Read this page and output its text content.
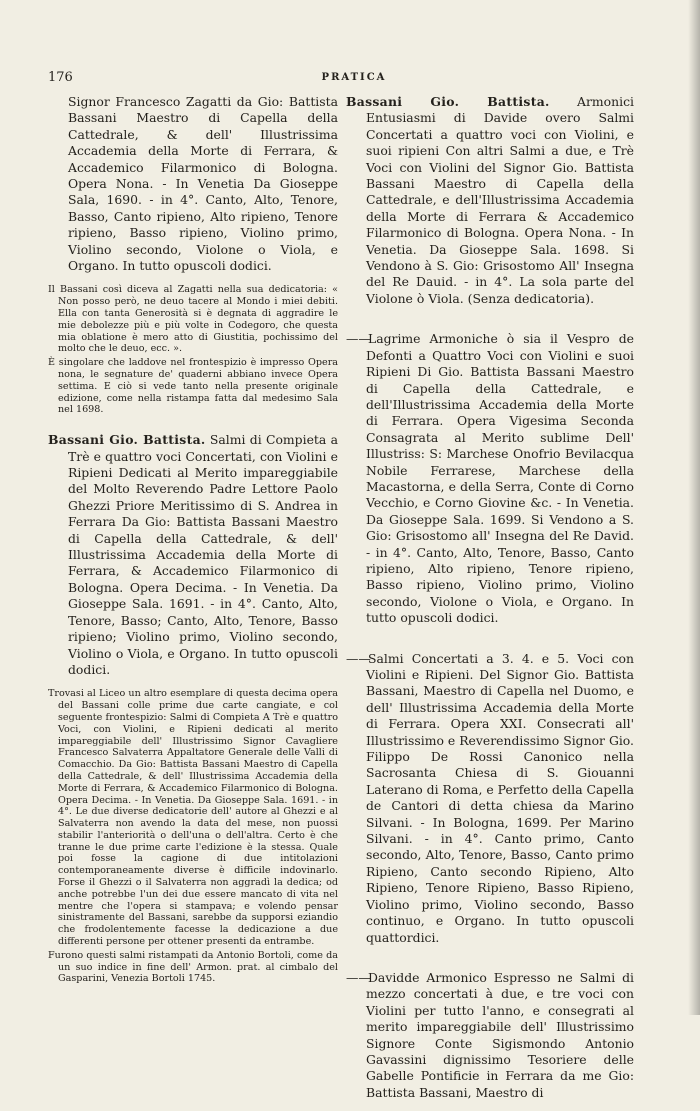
176	PRATICA

Signor Francesco Zagatti da Gio: Battista Bassani Maestro di Capella della Cattedrale, & dell' Illustrissima Accademia della Morte di Ferrara, & Accademico Filarmonico di Bologna. Opera Nona. - In Venetia Da Gioseppe Sala, 1690. - in 4°. Canto, Alto, Tenore, Basso, Canto ripieno, Alto ripieno, Tenore ripieno, Basso ripieno, Violino primo, Violino secondo, Violone o Viola, e Organo. In tutto opuscoli dodici.

Il Bassani così diceva al Zagatti nella sua dedicatoria: « Non posso però, ne deuo tacere al Mondo i miei debiti. Ella con tanta Generosità si è degnata di aggradire le mie debolezze più e più volte in Codegoro, che questa mia oblatione è mero atto di Giustitia, pochissimo del molto che le deuo, ecc. ».
È singolare che laddove nel frontespizio è impresso Opera nona, le segnature de' quaderni abbiano invece Opera settima. E ciò si vede tanto nella presente originale edizione, come nella ristampa fatta dal medesimo Sala nel 1698.

Bassani Gio. Battista. Salmi di Compieta a Trè e quattro voci Concertati, con Violini e Ripieni Dedicati al Merito impareggiabile del Molto Reverendo Padre Lettore Paolo Ghezzi Priore Meritissimo di S. Andrea in Ferrara Da Gio: Battista Bassani Maestro di Capella della Cattedrale, & dell' Illustrissima Accademia della Morte di Ferrara, & Accademico Filarmonico di Bologna. Opera Decima. - In Venetia. Da Gioseppe Sala. 1691. - in 4°. Canto, Alto, Tenore, Basso; Canto, Alto, Tenore, Basso ripieno; Violino primo, Violino secondo, Violino o Viola, e Organo. In tutto opuscoli dodici.

Trovasi al Liceo un altro esemplare di questa decima opera del Bassani colle prime due carte cangiate, e col seguente frontespizio: Salmi di Compieta A Trè e quattro Voci, con Violini, e Ripieni dedicati al merito impareggiabile dell' Illustrissimo Signor Cavagliere Francesco Salvaterra Appaltatore Generale delle Valli di Comacchio. Da Gio: Battista Bassani Maestro di Capella della Cattedrale, & dell' Illustrissima Accademia della Morte di Ferrara, & Accademico Filarmonico di Bologna. Opera Decima. - In Venetia. Da Gioseppe Sala. 1691. - in 4°. Le due diverse dedicatorie dell' autore al Ghezzi e al Salvaterra non avendo la data del mese, non puossi stabilir l'anteriorità o dell'una o dell'altra. Certo è che tranne le due prime carte l'edizione è la stessa. Quale poi fosse la cagione di due intitolazioni contemporaneamente diverse è difficile indovinarlo. Forse il Ghezzi o il Salvaterra non aggradì la dedica; od anche potrebbe l'un dei due essere mancato di vita nel mentre che l'opera si stampava; e volendo pensar sinistramente del Bassani, sarebbe da supporsi eziandio che frodolentemente facesse la dedicazione a due differenti persone per ottener presenti da entrambe.
Furono questi salmi ristampati da Antonio Bortoli, come da un suo indice in fine dell' Armon. prat. al cimbalo del Gasparini, Venezia Bortoli 1745.

Bassani Gio. Battista. Armonici Entusiasmi di Davide overo Salmi Concertati a quattro voci con Violini, e suoi ripieni Con altri Salmi a due, e Trè Voci con Violini del Signor Gio. Battista Bassani Maestro di Capella della Cattedrale, e dell'Illustrissima Accademia della Morte di Ferrara & Accademico Filarmonico di Bologna. Opera Nona. - In Venetia. Da Gioseppe Sala. 1698. Si Vendono à S. Gio: Grisostomo All' Insegna del Re Dauid. - in 4°. La sola parte del Violone ò Viola. (Senza dedicatoria).

——Lagrime Armoniche ò sia il Vespro de Defonti a Quattro Voci con Violini e suoi Ripieni Di Gio. Battista Bassani Maestro di Capella della Cattedrale, e dell'Illustrissima Accademia della Morte di Ferrara. Opera Vigesima Seconda Consagrata al Merito sublime Dell' Illustriss: S: Marchese Onofrio Bevilacqua Nobile Ferrarese, Marchese della Macastorna, e della Serra, Conte di Corno Vecchio, e Corno Giovine &c. - In Venetia. Da Gioseppe Sala. 1699. Si Vendono a S. Gio: Grisostomo all' Insegna del Re David. - in 4°. Canto, Alto, Tenore, Basso, Canto ripieno, Alto ripieno, Tenore ripieno, Basso ripieno, Violino primo, Violino secondo, Violone o Viola, e Organo. In tutto opuscoli dodici.

——Salmi Concertati a 3. 4. e 5. Voci con Violini e Ripieni. Del Signor Gio. Battista Bassani, Maestro di Capella nel Duomo, e dell' Illustrissima Accademia della Morte di Ferrara. Opera XXI. Consecrati all' Illustrissimo e Reverendissimo Signor Gio. Filippo De Rossi Canonico nella Sacrosanta Chiesa di S. Giouanni Laterano di Roma, e Perfetto della Capella de Cantori di detta chiesa da Marino Silvani. - In Bologna, 1699. Per Marino Silvani. - in 4°. Canto primo, Canto secondo, Alto, Tenore, Basso, Canto primo Ripieno, Canto secondo Ripieno, Alto Ripieno, Tenore Ripieno, Basso Ripieno, Violino primo, Violino secondo, Basso continuo, e Organo. In tutto opuscoli quattordici.

——Davidde Armonico Espresso ne Salmi di mezzo concertati à due, e tre voci con Violini per tutto l'anno, e consegrati al merito impareggiabile dell' Illustrissimo Signore Conte Sigismondo Antonio Gavassini dignissimo Tesoriere delle Gabelle Pontificie in Ferrara da me Gio: Battista Bassani, Maestro di
